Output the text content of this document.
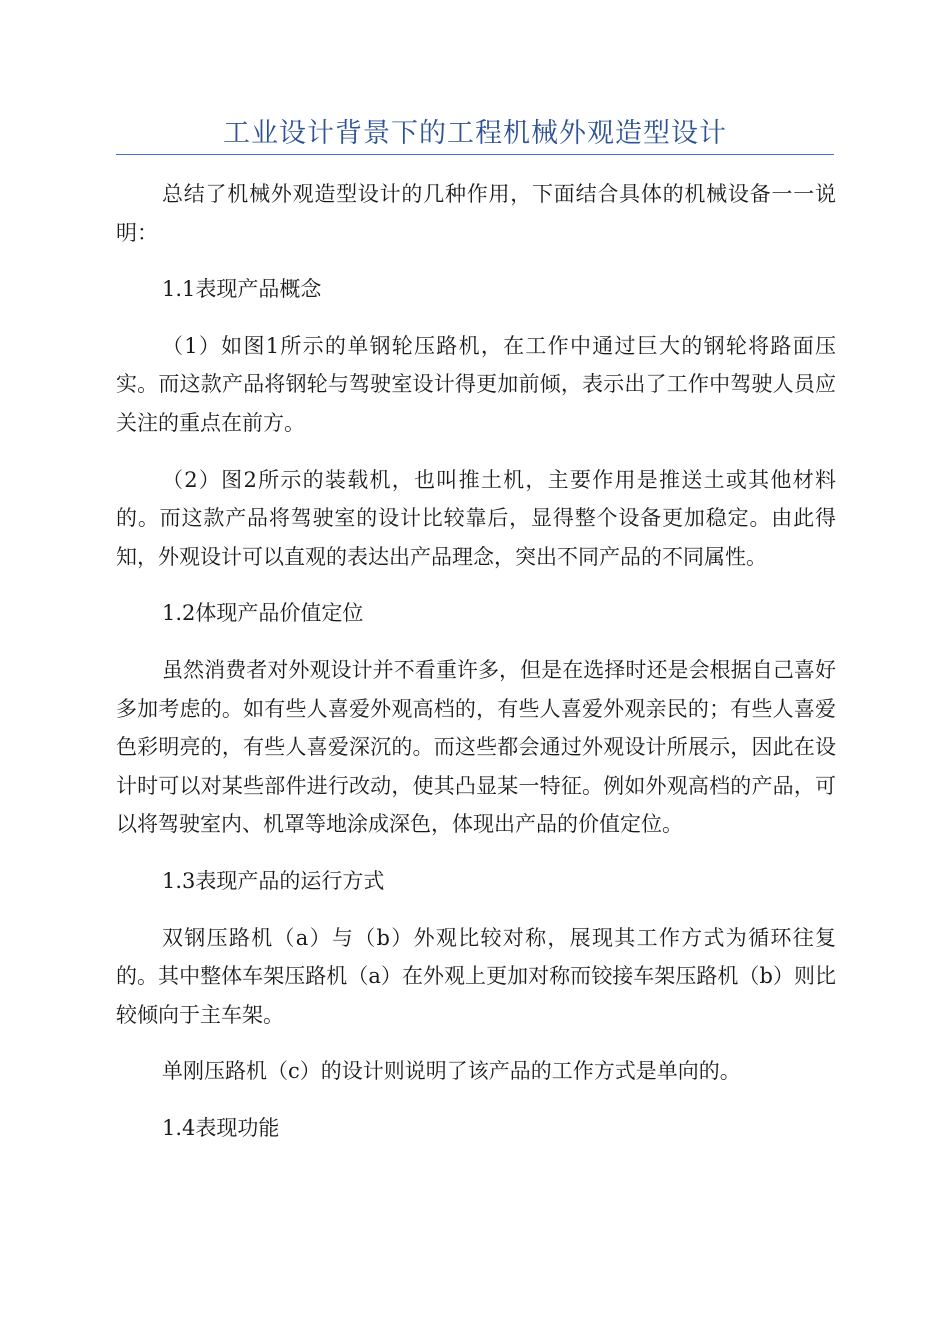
工业设计背景下的工程机械外观造型设计

总结了机械外观造型设计的几种作用，下面结合具体的机械设备一一说明：

1.1表现产品概念

（1）如图1所示的单钢轮压路机，在工作中通过巨大的钢轮将路面压实。而这款产品将钢轮与驾驶室设计得更加前倾，表示出了工作中驾驶人员应关注的重点在前方。

（2）图2所示的装载机，也叫推土机，主要作用是推送土或其他材料的。而这款产品将驾驶室的设计比较靠后，显得整个设备更加稳定。由此得知，外观设计可以直观的表达出产品理念，突出不同产品的不同属性。

1.2体现产品价值定位

虽然消费者对外观设计并不看重许多，但是在选择时还是会根据自己喜好多加考虑的。如有些人喜爱外观高档的，有些人喜爱外观亲民的；有些人喜爱色彩明亮的，有些人喜爱深沉的。而这些都会通过外观设计所展示，因此在设计时可以对某些部件进行改动，使其凸显某一特征。例如外观高档的产品，可以将驾驶室内、机罩等地涂成深色，体现出产品的价值定位。

1.3表现产品的运行方式

双钢压路机（a）与（b）外观比较对称，展现其工作方式为循环往复的。其中整体车架压路机（a）在外观上更加对称而铰接车架压路机（b）则比较倾向于主车架。

单刚压路机（c）的设计则说明了该产品的工作方式是单向的。

1.4表现功能
